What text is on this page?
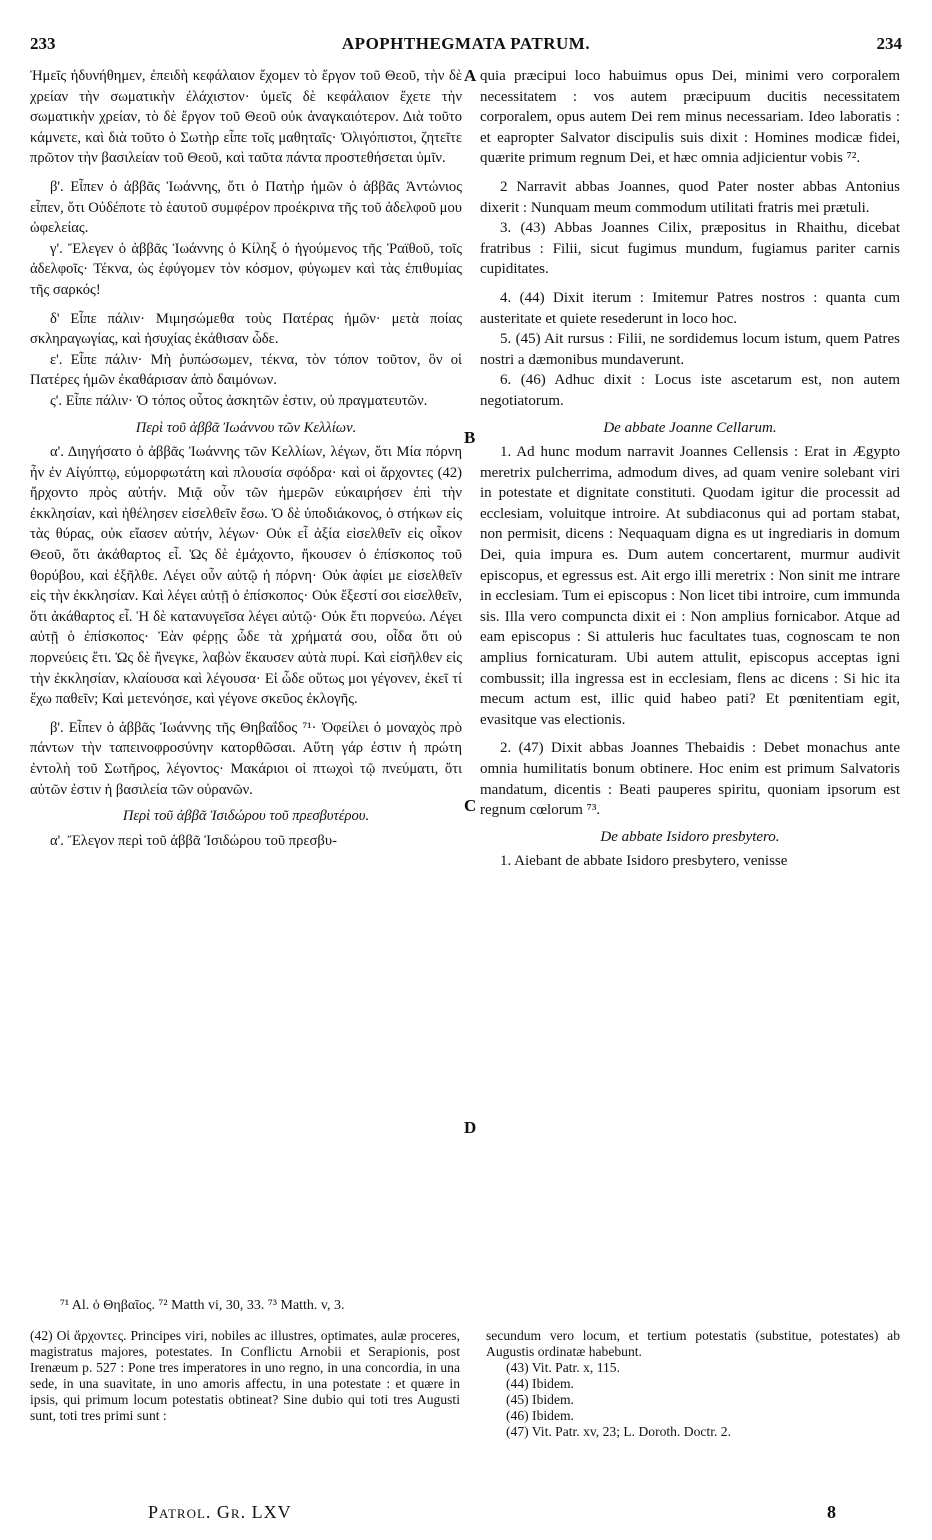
233	APOPHTHEGMATA PATRUM.	234

Ἠμεῖς ἠδυνήθημεν, ἐπειδὴ κεφάλαιον ἔχομεν τὸ ἔργον τοῦ Θεοῦ, τὴν δὲ χρείαν τὴν σωματικὴν ἐλάχιστον· ὑμεῖς δὲ κεφάλαιον ἔχετε τὴν σωματικὴν χρείαν, τὸ δὲ ἔργον τοῦ Θεοῦ οὐκ ἀναγκαιότερον. Διὰ τοῦτο κάμνετε, καὶ διὰ τοῦτο ὁ Σωτὴρ εἶπε τοῖς μαθηταῖς· Ὀλιγόπιστοι, ζητεῖτε πρῶτον τὴν βασιλείαν τοῦ Θεοῦ, καὶ ταῦτα πάντα προστεθήσεται ὑμῖν.

β'. Εἶπεν ὁ ἀββᾶς Ἰωάννης, ὅτι ὁ Πατὴρ ἡμῶν ὁ ἀββᾶς Ἀντώνιος εἶπεν, ὅτι Οὐδέποτε τὸ ἑαυτοῦ συμφέρον προέκρινα τῆς τοῦ ἀδελφοῦ μου ὠφελείας.

γ'. Ἔλεγεν ὁ ἀββᾶς Ἰωάννης ὁ Κίληξ ὁ ἡγούμενος τῆς Ῥαϊθοῦ, τοῖς ἀδελφοῖς· Τέκνα, ὡς ἐφύγομεν τὸν κόσμον, φύγωμεν καὶ τὰς ἐπιθυμίας τῆς σαρκός!

δ' Εἶπε πάλιν· Μιμησώμεθα τοὺς Πατέρας ἡμῶν· μετὰ ποίας σκληραγωγίας, καὶ ἡσυχίας ἐκάθισαν ὧδε.

ε'. Εἶπε πάλιν· Μὴ ῥυπώσωμεν, τέκνα, τὸν τόπον τοῦτον, ὃν οἱ Πατέρες ἡμῶν ἐκαθάρισαν ἀπὸ δαιμόνων.

ς'. Εἶπε πάλιν· Ὁ τόπος οὗτος ἀσκητῶν ἐστιν, οὐ πραγματευτῶν.

Περὶ τοῦ ἀββᾶ Ἰωάννου τῶν Κελλίων.

α'. Διηγήσατο ὁ ἀββᾶς Ἰωάννης τῶν Κελλίων, λέγων, ὅτι Μία πόρνη ἦν ἐν Αἰγύπτῳ, εὐμορφωτάτη καὶ πλουσία σφόδρα· καὶ οἱ ἄρχοντες (42) ἤρχοντο πρὸς αὐτήν. Μιᾷ οὖν τῶν ἡμερῶν εὐκαιρήσεν ἐπὶ τὴν ἐκκλησίαν, καὶ ἠθέλησεν εἰσελθεῖν ἔσω. Ὁ δὲ ὑποδιάκονος, ὁ στήκων εἰς τὰς θύρας, οὐκ εἴασεν αὐτήν, λέγων· Οὐκ εἶ ἀξία εἰσελθεῖν εἰς οἶκον Θεοῦ, ὅτι ἀκάθαρτος εἶ. Ὡς δὲ ἐμάχοντο, ἤκουσεν ὁ ἐπίσκοπος τοῦ θορύβου, καὶ ἐξῆλθε. Λέγει οὖν αὐτῷ ἡ πόρνη· Οὐκ ἀφίει με εἰσελθεῖν εἰς τὴν ἐκκλησίαν. Καὶ λέγει αὐτῇ ὁ ἐπίσκοπος· Οὐκ ἔξεστί σοι εἰσελθεῖν, ὅτι ἀκάθαρτος εἶ. Ἡ δὲ κατανυγεῖσα λέγει αὐτῷ· Οὐκ ἔτι πορνεύω. Λέγει αὐτῇ ὁ ἐπίσκοπος· Ἐὰν φέρῃς ὧδε τὰ χρήματά σου, οἶδα ὅτι οὐ πορνεύεις ἔτι. Ὡς δὲ ἤνεγκε, λαβὼν ἔκαυσεν αὐτὰ πυρί. Καὶ εἰσῆλθεν εἰς τὴν ἐκκλησίαν, κλαίουσα καὶ λέγουσα· Εἰ ὧδε οὕτως μοι γέγονεν, ἐκεῖ τί ἔχω παθεῖν; Καὶ μετενόησε, καὶ γέγονε σκεῦος ἐκλογῆς.

β'. Εἶπεν ὁ ἀββᾶς Ἰωάννης τῆς Θηβαΐδος ⁷¹· Ὀφείλει ὁ μοναχὸς πρὸ πάντων τὴν ταπεινοφροσύνην κατορθῶσαι. Αὕτη γάρ ἐστιν ἡ πρώτη ἐντολὴ τοῦ Σωτῆρος, λέγοντος· Μακάριοι οἱ πτωχοὶ τῷ πνεύματι, ὅτι αὐτῶν ἐστιν ἡ βασιλεία τῶν οὐρανῶν.

Περὶ τοῦ ἀββᾶ Ἰσιδώρου τοῦ πρεσβυτέρου.

α'. Ἔλεγον περὶ τοῦ ἀββᾶ Ἰσιδώρου τοῦ πρεσβυ-

A
B
C
D

quia præcipui loco habuimus opus Dei, minimi vero corporalem necessitatem : vos autem præcipuum ducitis necessitatem corporalem, opus autem Dei rem minus necessariam. Ideo laboratis : et eapropter Salvator discipulis suis dixit : Homines modicæ fidei, quærite primum regnum Dei, et hæc omnia adjicientur vobis ⁷².

2 Narravit abbas Joannes, quod Pater noster abbas Antonius dixerit : Nunquam meum commodum utilitati fratris mei prætuli.

3. (43) Abbas Joannes Cilix, præpositus in Rhaithu, dicebat fratribus : Filii, sicut fugimus mundum, fugiamus pariter carnis cupiditates.

4. (44) Dixit iterum : Imitemur Patres nostros : quanta cum austeritate et quiete resederunt in loco hoc.

5. (45) Ait rursus : Filii, ne sordidemus locum istum, quem Patres nostri a dæmonibus mundaverunt.

6. (46) Adhuc dixit : Locus iste ascetarum est, non autem negotiatorum.

De abbate Joanne Cellarum.

1. Ad hunc modum narravit Joannes Cellensis : Erat in Ægypto meretrix pulcherrima, admodum dives, ad quam venire solebant viri in potestate et dignitate constituti. Quodam igitur die processit ad ecclesiam, voluitque introire. At subdiaconus qui ad portam stabat, non permisit, dicens : Nequaquam digna es ut ingrediaris in domum Dei, quia impura es. Dum autem concertarent, murmur audivit episcopus, et egressus est. Ait ergo illi meretrix : Non sinit me intrare in ecclesiam. Tum ei episcopus : Non licet tibi introire, cum immunda sis. Illa vero compuncta dixit ei : Non amplius fornicabor. Atque ad eam episcopus : Si attuleris huc facultates tuas, cognoscam te non amplius fornicaturam. Ubi autem attulit, episcopus acceptas igni combussit; illa ingressa est in ecclesiam, flens ac dicens : Si hic ita mecum actum est, illic quid habeo pati? Et pœnitentiam egit, evasitque vas electionis.

2. (47) Dixit abbas Joannes Thebaidis : Debet monachus ante omnia humilitatis bonum obtinere. Hoc enim est primum Salvatoris mandatum, dicentis : Beati pauperes spiritu, quoniam ipsorum est regnum cœlorum ⁷³.

De abbate Isidoro presbytero.

1. Aiebant de abbate Isidoro presbytero, venisse

⁷¹ Al. ὁ Θηβαῖος. ⁷² Matth vi, 30, 33. ⁷³ Matth. v, 3.

(42) Οἱ ἄρχοντες. Principes viri, nobiles ac illustres, optimates, aulæ proceres, magistratus majores, potestates. In Conflictu Arnobii et Serapionis, post Irenæum p. 527 : Pone tres imperatores in uno regno, in una concordia, in una sede, in una suavitate, in uno amoris affectu, in una potestate : et quære in ipsis, qui primum locum potestatis obtineat? Sine dubio qui toti tres Augusti sunt, toti tres primi sunt :

secundum vero locum, et tertium potestatis (substitue, potestates) ab Augustis ordinatæ habebunt.

(43) Vit. Patr. x, 115.

(44) Ibidem.

(45) Ibidem.

(46) Ibidem.

(47) Vit. Patr. xv, 23; L. Doroth. Doctr. 2.

Patrol. Gr. LXV	8
